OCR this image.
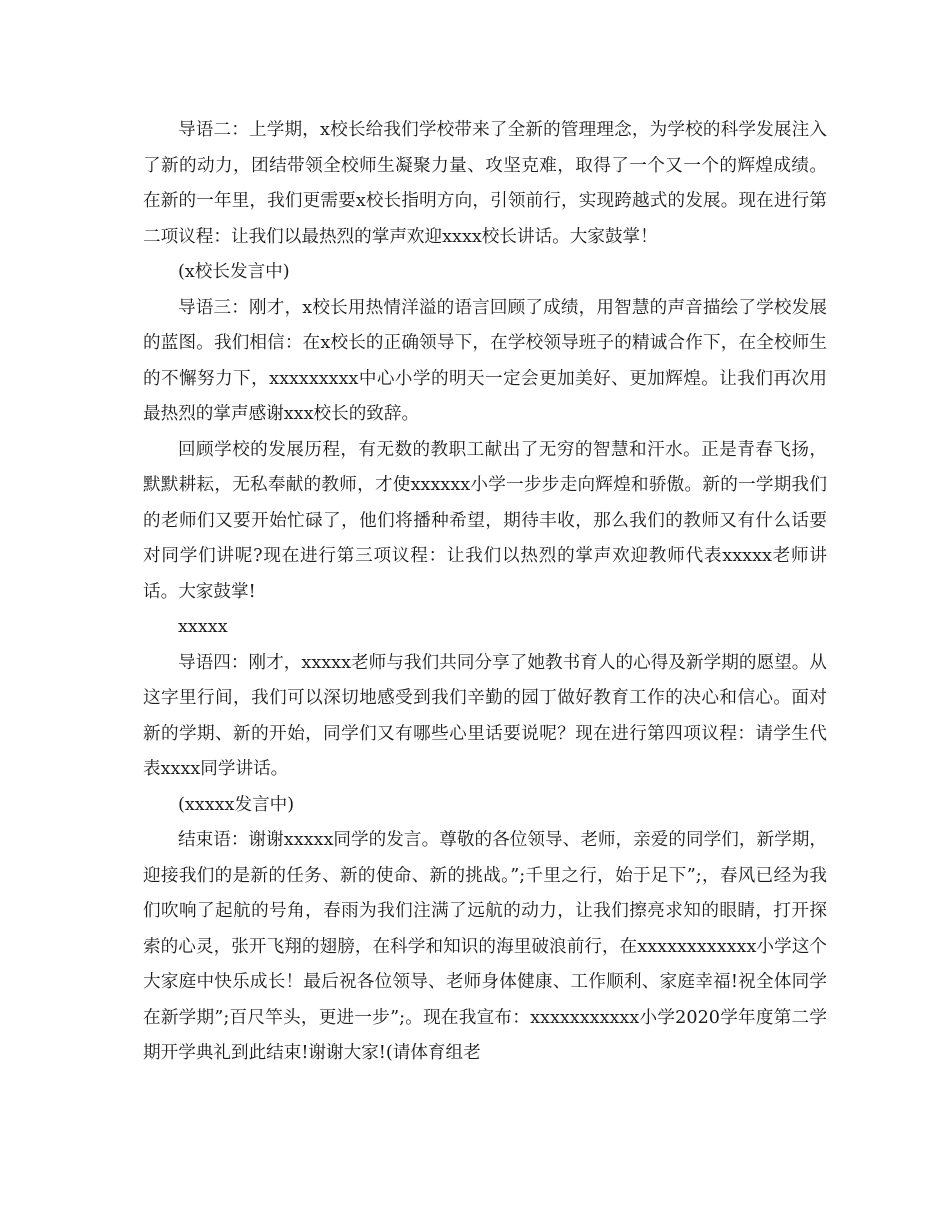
导语二：上学期，x校长给我们学校带来了全新的管理理念，为学校的科学发展注入了新的动力，团结带领全校师生凝聚力量、攻坚克难，取得了一个又一个的辉煌成绩。在新的一年里，我们更需要x校长指明方向，引领前行，实现跨越式的发展。现在进行第二项议程：让我们以最热烈的掌声欢迎xxxx校长讲话。大家鼓掌！

(x校长发言中)

导语三：刚才，x校长用热情洋溢的语言回顾了成绩，用智慧的声音描绘了学校发展的蓝图。我们相信：在x校长的正确领导下，在学校领导班子的精诚合作下，在全校师生的不懈努力下，xxxxxxxxx中心小学的明天一定会更加美好、更加辉煌。让我们再次用最热烈的掌声感谢xxx校长的致辞。

回顾学校的发展历程，有无数的教职工献出了无穷的智慧和汗水。正是青春飞扬，默默耕耘，无私奉献的教师，才使xxxxxx小学一步步走向辉煌和骄傲。新的一学期我们的老师们又要开始忙碌了，他们将播种希望，期待丰收，那么我们的教师又有什么话要对同学们讲呢?现在进行第三项议程：让我们以热烈的掌声欢迎教师代表xxxxx老师讲话。大家鼓掌!

xxxxx

导语四：刚才，xxxxx老师与我们共同分享了她教书育人的心得及新学期的愿望。从这字里行间，我们可以深切地感受到我们辛勤的园丁做好教育工作的决心和信心。面对新的学期、新的开始，同学们又有哪些心里话要说呢？现在进行第四项议程：请学生代表xxxx同学讲话。

(xxxxx发言中)

结束语：谢谢xxxxx同学的发言。尊敬的各位领导、老师，亲爱的同学们，新学期，迎接我们的是新的任务、新的使命、新的挑战。”;千里之行，始于足下”;，春风已经为我们吹响了起航的号角，春雨为我们注满了远航的动力，让我们擦亮求知的眼睛，打开探索的心灵，张开飞翔的翅膀，在科学和知识的海里破浪前行，在xxxxxxxxxxxx小学这个大家庭中快乐成长！最后祝各位领导、老师身体健康、工作顺利、家庭幸福!祝全体同学在新学期”;百尺竿头，更进一步”;。现在我宣布：xxxxxxxxxxx小学2020学年度第二学期开学典礼到此结束!谢谢大家!(请体育组老
